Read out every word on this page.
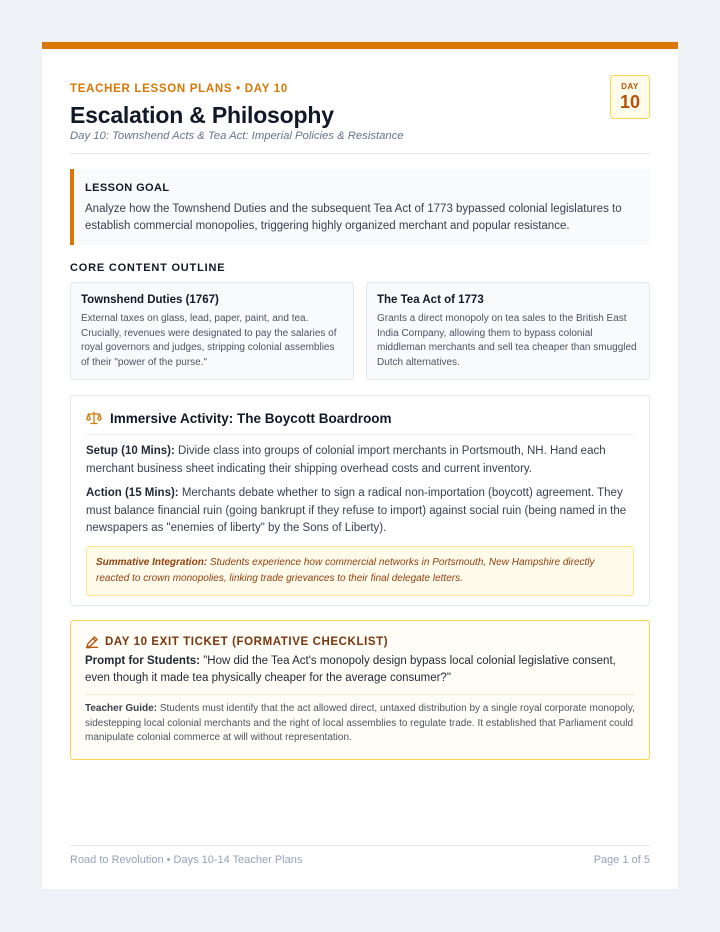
TEACHER LESSON PLANS • DAY 10
Escalation & Philosophy
Day 10: Townshend Acts & Tea Act: Imperial Policies & Resistance
DAY
10
LESSON GOAL
Analyze how the Townshend Duties and the subsequent Tea Act of 1773 bypassed colonial legislatures to establish commercial monopolies, triggering highly organized merchant and popular resistance.
CORE CONTENT OUTLINE
Townshend Duties (1767)
External taxes on glass, lead, paper, paint, and tea. Crucially, revenues were designated to pay the salaries of royal governors and judges, stripping colonial assemblies of their "power of the purse."
The Tea Act of 1773
Grants a direct monopoly on tea sales to the British East India Company, allowing them to bypass colonial middleman merchants and sell tea cheaper than smuggled Dutch alternatives.
Immersive Activity: The Boycott Boardroom
Setup (10 Mins): Divide class into groups of colonial import merchants in Portsmouth, NH. Hand each merchant business sheet indicating their shipping overhead costs and current inventory.
Action (15 Mins): Merchants debate whether to sign a radical non-importation (boycott) agreement. They must balance financial ruin (going bankrupt if they refuse to import) against social ruin (being named in the newspapers as "enemies of liberty" by the Sons of Liberty).
Summative Integration: Students experience how commercial networks in Portsmouth, New Hampshire directly reacted to crown monopolies, linking trade grievances to their final delegate letters.
DAY 10 EXIT TICKET (FORMATIVE CHECKLIST)
Prompt for Students: "How did the Tea Act's monopoly design bypass local colonial legislative consent, even though it made tea physically cheaper for the average consumer?"
Teacher Guide: Students must identify that the act allowed direct, untaxed distribution by a single royal corporate monopoly, sidestepping local colonial merchants and the right of local assemblies to regulate trade. It established that Parliament could manipulate colonial commerce at will without representation.
Road to Revolution • Days 10-14 Teacher Plans	Page 1 of 5
